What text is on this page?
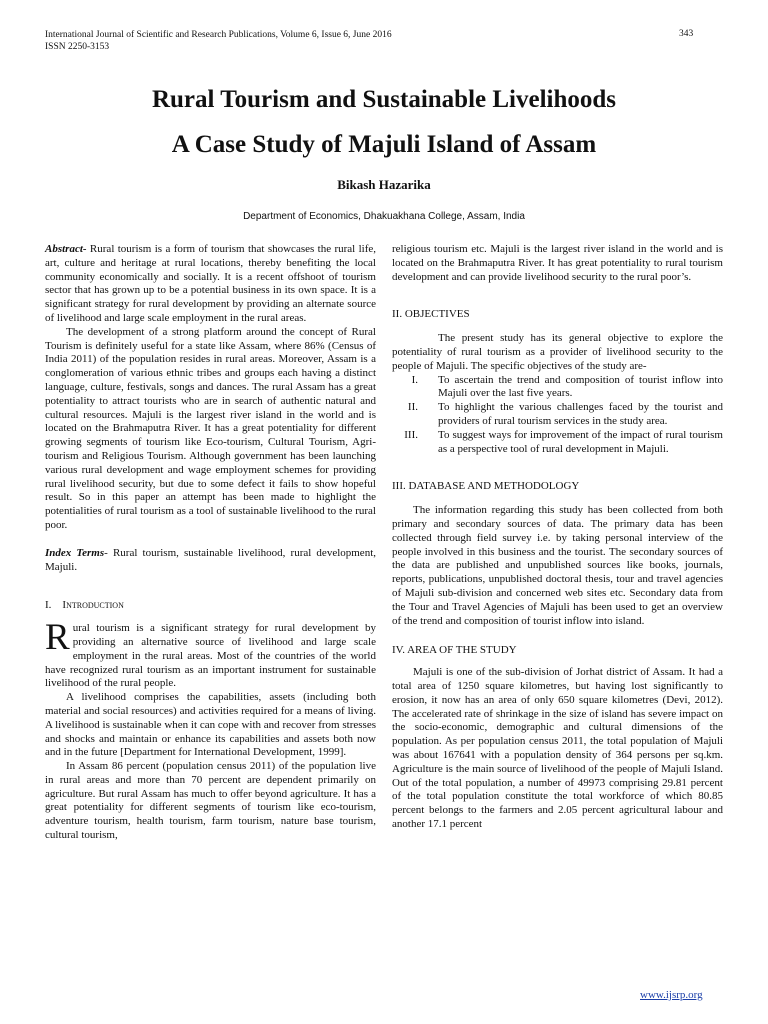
International Journal of Scientific and Research Publications, Volume 6, Issue 6, June 2016
ISSN 2250-3153
343
Rural Tourism and Sustainable Livelihoods
A Case Study of Majuli Island of Assam
Bikash Hazarika
Department of Economics, Dhakuakhana College, Assam, India

Abstract- Rural tourism is a form of tourism that showcases the rural life, art, culture and heritage at rural locations, thereby benefiting the local community economically and socially. It is a recent offshoot of tourism sector that has grown up to be a potential business in its own space. It is a significant strategy for rural development by providing an alternate source of livelihood and large scale employment in the rural areas.

The development of a strong platform around the concept of Rural Tourism is definitely useful for a state like Assam, where 86% (Census of India 2011) of the population resides in rural areas. Moreover, Assam is a conglomeration of various ethnic tribes and groups each having a distinct language, culture, festivals, songs and dances. The rural Assam has a great potentiality to attract tourists who are in search of authentic natural and cultural resources. Majuli is the largest river island in the world and is located on the Brahmaputra River. It has a great potentiality for different growing segments of tourism like Eco-tourism, Cultural Tourism, Agri-tourism and Religious Tourism. Although government has been launching various rural development and wage employment schemes for providing rural livelihood security, but due to some defect it fails to show hopeful result. So in this paper an attempt has been made to highlight the potentialities of rural tourism as a tool of sustainable livelihood to the rural poor.

Index Terms- Rural tourism, sustainable livelihood, rural development, Majuli.

I. Introduction

Rural tourism is a significant strategy for rural development by providing an alternative source of livelihood and large scale employment in the rural areas. Most of the countries of the world have recognized rural tourism as an important instrument for sustainable livelihood of the rural people.

A livelihood comprises the capabilities, assets (including both material and social resources) and activities required for a means of living. A livelihood is sustainable when it can cope with and recover from stresses and shocks and maintain or enhance its capabilities and assets both now and in the future [Department for International Development, 1999].

In Assam 86 percent (population census 2011) of the population live in rural areas and more than 70 percent are dependent primarily on agriculture. But rural Assam has much to offer beyond agriculture. It has a great potentiality for different segments of tourism like eco-tourism, adventure tourism, health tourism, farm tourism, nature base tourism, cultural tourism,

religious tourism etc. Majuli is the largest river island in the world and is located on the Brahmaputra River. It has great potentiality to rural tourism development and can provide livelihood security to the rural poor’s.

II. OBJECTIVES

The present study has its general objective to explore the potentiality of rural tourism as a provider of livelihood security to the people of Majuli. The specific objectives of the study are-

I. To ascertain the trend and composition of tourist inflow into Majuli over the last five years.
II. To highlight the various challenges faced by the tourist and providers of rural tourism services in the study area.
III. To suggest ways for improvement of the impact of rural tourism as a perspective tool of rural development in Majuli.

III. DATABASE AND METHODOLOGY

The information regarding this study has been collected from both primary and secondary sources of data. The primary data has been collected through field survey i.e. by taking personal interview of the people involved in this business and the tourist. The secondary sources of the data are published and unpublished sources like books, journals, reports, publications, unpublished doctoral thesis, tour and travel agencies of Majuli sub-division and concerned web sites etc. Secondary data from the Tour and Travel Agencies of Majuli has been used to get an overview of the trend and composition of tourist inflow into island.

IV. AREA OF THE STUDY

Majuli is one of the sub-division of Jorhat district of Assam. It had a total area of 1250 square kilometres, but having lost significantly to erosion, it now has an area of only 650 square kilometres (Devi, 2012). The accelerated rate of shrinkage in the size of island has severe impact on the socio-economic, demographic and cultural dimensions of the population. As per population census 2011, the total population of Majuli was about 167641 with a population density of 364 persons per sq.km. Agriculture is the main source of livelihood of the people of Majuli Island. Out of the total population, a number of 49973 comprising 29.81 percent of the total population constitute the total workforce of which 80.85 percent belongs to the farmers and 2.05 percent agricultural labour and another 17.1 percent

www.ijsrp.org
